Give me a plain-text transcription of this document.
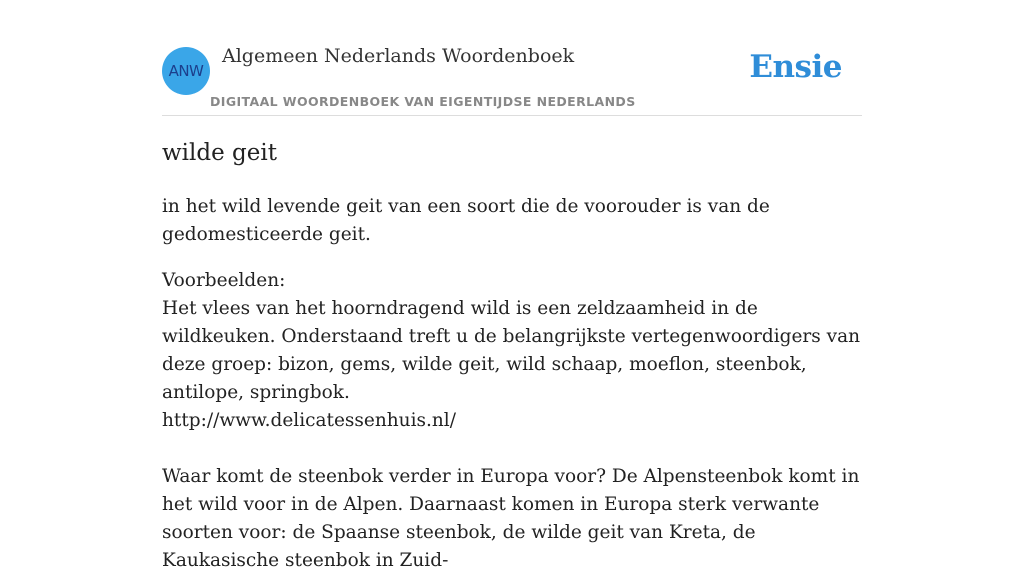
ANW
Algemeen Nederlands Woordenboek
DIGITAAL WOORDENBOEK VAN EIGENTIJDSE NEDERLANDS
Ensie
wilde geit

in het wild levende geit van een soort die de voorouder is van de gedomesticeerde geit.

Voorbeelden:

Het vlees van het hoorndragend wild is een zeldzaamheid in de wildkeuken. Onderstaand treft u de belangrijkste vertegenwoordigers van deze groep: bizon, gems, wilde geit, wild schaap, moeflon, steenbok, antilope, springbok.

http://www.delicatessenhuis.nl/

Waar komt de steenbok verder in Europa voor? De Alpensteenbok komt in het wild voor in de Alpen. Daarnaast komen in Europa sterk verwante soorten voor: de Spaanse steenbok, de wilde geit van Kreta, de Kaukasische steenbok in Zuid-
